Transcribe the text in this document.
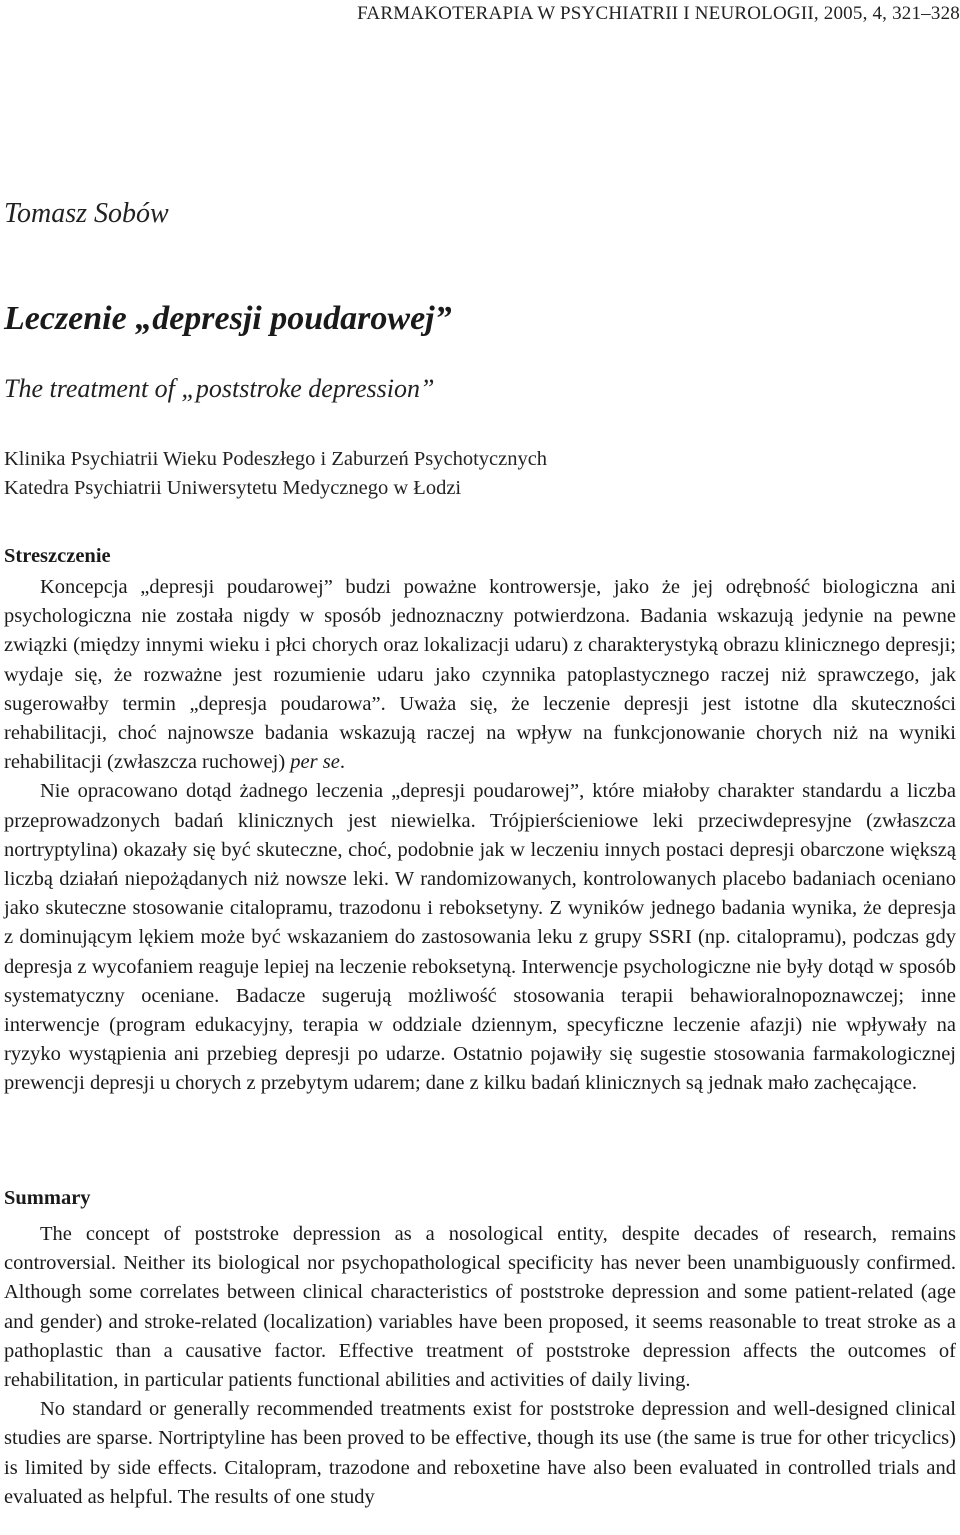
FARMAKOTERAPIA W PSYCHIATRII I NEUROLOGII, 2005, 4, 321–328
Tomasz Sobów
Leczenie „depresji poudarowej”
The treatment of „poststroke depression”
Klinika Psychiatrii Wieku Podeszłego i Zaburzeń Psychotycznych
Katedra Psychiatrii Uniwersytetu Medycznego w Łodzi
Streszczenie

Koncepcja „depresji poudarowej” budzi poważne kontrowersje, jako że jej odrębność biologiczna ani psychologiczna nie została nigdy w sposób jednoznaczny potwierdzona. Badania wskazują jedynie na pewne związki (między innymi wieku i płci chorych oraz lokalizacji udaru) z charakterystyką obrazu klinicznego depresji; wydaje się, że rozważne jest rozumienie udaru jako czynnika patoplastycznego raczej niż sprawczego, jak sugerowałby termin „depresja poudarowa”. Uważa się, że leczenie depresji jest istotne dla skuteczności rehabilitacji, choć najnowsze badania wskazują raczej na wpływ na funkcjonowanie chorych niż na wyniki rehabilitacji (zwłaszcza ruchowej) per se.

Nie opracowano dotąd żadnego leczenia „depresji poudarowej”, które miałoby charakter standardu a liczba przeprowadzonych badań klinicznych jest niewielka. Trójpierścieniowe leki przeciwdepresyjne (zwłaszcza nortryptylina) okazały się być skuteczne, choć, podobnie jak w leczeniu innych postaci depresji obarczone większą liczbą działań niepożądanych niż nowsze leki. W randomizowanych, kontrolowanych placebo badaniach oceniano jako skuteczne stosowanie citalopramu, trazodonu i reboksetyny. Z wyników jednego badania wynika, że depresja z dominującym lękiem może być wskazaniem do zastosowania leku z grupy SSRI (np. citalopramu), podczas gdy depresja z wycofaniem reaguje lepiej na leczenie reboksetyną. Interwencje psychologiczne nie były dotąd w sposób systematyczny oceniane. Badacze sugerują możliwość stosowania terapii behawioralnopoznawczej; inne interwencje (program edukacyjny, terapia w oddziale dziennym, specyficzne leczenie afazji) nie wpływały na ryzyko wystąpienia ani przebieg depresji po udarze. Ostatnio pojawiły się sugestie stosowania farmakologicznej prewencji depresji u chorych z przebytym udarem; dane z kilku badań klinicznych są jednak mało zachęcające.

Summary

The concept of poststroke depression as a nosological entity, despite decades of research, remains controversial. Neither its biological nor psychopathological specificity has never been unambiguously confirmed. Although some correlates between clinical characteristics of poststroke depression and some patient-related (age and gender) and stroke-related (localization) variables have been proposed, it seems reasonable to treat stroke as a pathoplastic than a causative factor. Effective treatment of poststroke depression affects the outcomes of rehabilitation, in particular patients functional abilities and activities of daily living.

No standard or generally recommended treatments exist for poststroke depression and well-designed clinical studies are sparse. Nortriptyline has been proved to be effective, though its use (the same is true for other tricyclics) is limited by side effects. Citalopram, trazodone and reboxetine have also been evaluated in controlled trials and evaluated as helpful. The results of one study
